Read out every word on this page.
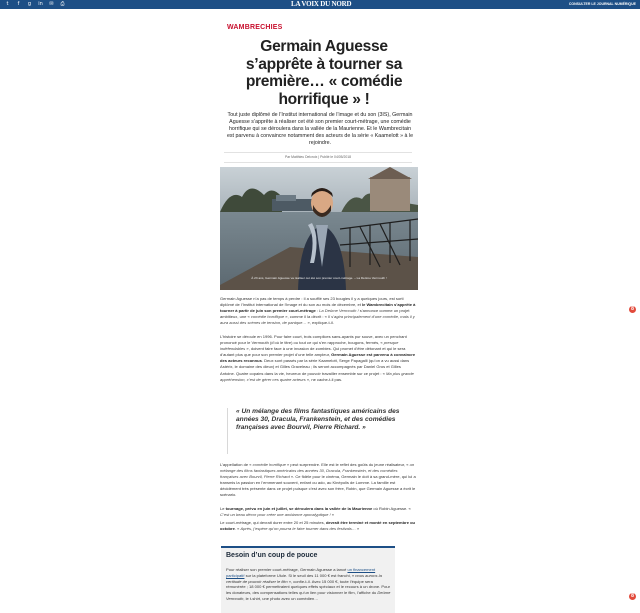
t	f	g	in	✉	⎙	LA VOIX DU NORD	CONSULTER LE JOURNAL NUMÉRIQUE
WAMBRECHIES
Germain Aguesse s’apprête à tourner sa première… « comédie horrifique » !

Tout juste diplômé de l’Institut international de l’image et du son (3IS), Germain Aguesse s’apprête à réaliser cet été son premier court-métrage, une comédie horrifique qui se déroulera dans la vallée de la Maurienne. Et le Wambrecitain est parvenu à convaincre notamment des acteurs de la série « Kaamelott » à le rejoindre.

Par Matthieu Delcroix | Publié le 04/05/2018
À 23 ans, Germain Aguesse va réaliser cet été son premier court-métrage. – La Deûme Vermouth !

Germain Aguesse n’a pas de temps à perdre : il a soufflé ses 23 bougies il y a quelques jours, est sorti diplômé de l’Institut international de l’image et du son au mois de décembre, et le Wambrecitain s’apprête à tourner à partir de juin son premier court-métrage : La Deûme Vermouth ! s’annonce comme un projet ambitieux, une « comédie horrifique », comme il la décrit : « Il s’agira principalement d’une comédie, mais il y aura aussi des scènes de tension, de panique… », explique-t-il.

L’histoire se déroule en 1996. Pour faire court, trois complices sans-ayants pur souve, avec un penchant prononcé pour le Vermouth (d’où le titre) ou tout ce qui s’en rapproche, bougons, fermés, « presque indéfendables », doivent faire face à une invasion de zombies. Qui promet d’être détonant et qui le sera d’autant plus que pour son premier projet d’une telle ampleur, Germain Aguesse est parvenu à convaincre des acteurs reconnus. Deux sont passés par la série Kaamelott, Serge Papagalli (qu’on a vu aussi dans Astérix, le domaine des dieux) et Gilles Graveleau ; ils seront accompagnés par Daniel Gros et Gilles Antoine. Quatre copains dans la vie, heureux de pouvoir travailler ensemble sur ce projet : « Ma plus grande appréhension, c’est de gérer ces quatre acteurs », ne cache-t-il pas.

« Un mélange des films fantastiques américains des années 30, Dracula, Frankenstein, et des comédies françaises avec Bourvil, Pierre Richard. »

L’appellation de « comédie horrifique » peut surprendre. Elle est le reflet des goûts du jeune réalisateur, « un mélange des films fantastiques américains des années 30, Dracula, Frankenstein, et des comédies françaises avec Bourvil, Pierre Richard ». Ce fidèle pour le cinéma, Germain le doit à sa grand-mère, qui lui a transmis la passion en l’emmenant souvent, enfant ou ado, au Kinépolis de Lomme. La famille est décidément très présente dans ce projet puisque c’est avec son frère, Robin, que Germain Aguesse a écrit le scénario.

Le tournage, prévu en juin et juillet, se déroulera dans la vallée de la Maurienne où Robin Aguesse. « C’est un beau décor pour créer une ambiance apocalyptique ! »

Le court-métrage, qui devrait durer entre 20 et 25 minutes, devrait être terminé et monté en septembre ou octobre. « Après, j’espère qu’on pourra le faire tourner dans des festivals… »

Besoin d’un coup de pouce

Pour réaliser son premier court-métrage, Germain Aguesse a lancé un financement participatif sur la plateforme Ulule. Si le seuil des 11 000 € est franchi, « nous aurons la certitude de pouvoir réaliser le film », confie-t-il. Avec 15 000 €, toute l’équipe sera rémunérée ; 18 000 € permettraient quelques effets spéciaux et le recours à un drone. Pour les donateurs, des compensations telles qu’un lien pour visionner le film, l’affiche du Deûme Vermouth, le t-shirt, une photo avec un comédien…

8
8
